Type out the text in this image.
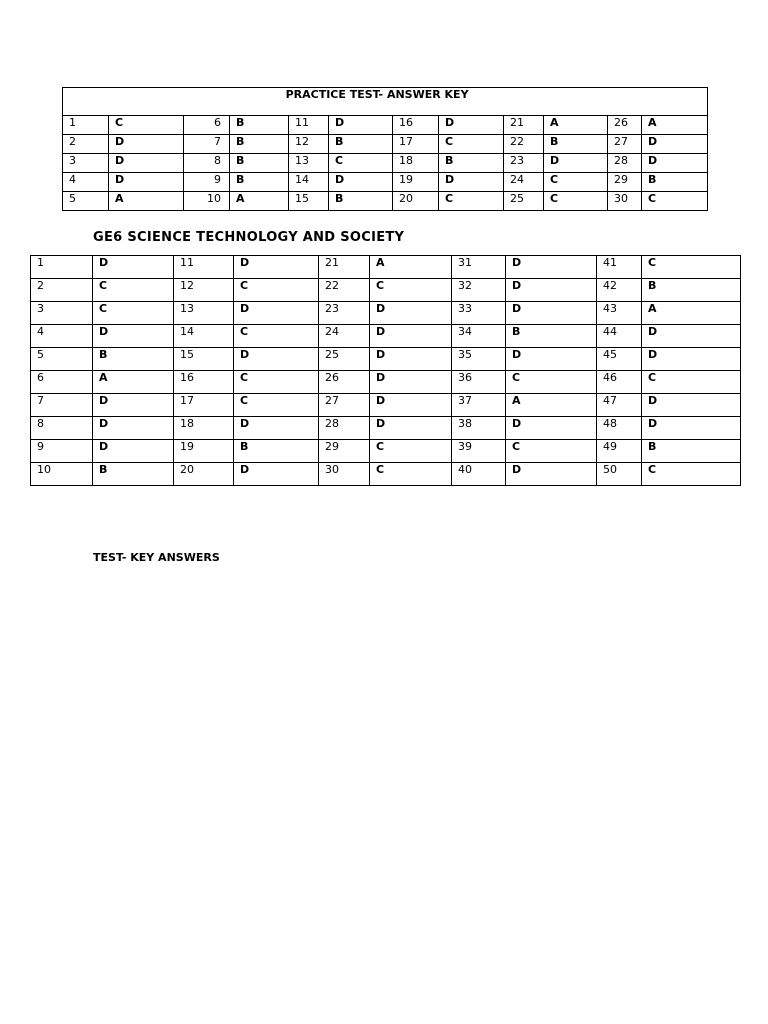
PRACTICE TEST- ANSWER KEY											
1	C	6	B	11	D	16	D	21	A	26	A
2	D	7	B	12	B	17	C	22	B	27	D
3	D	8	B	13	C	18	B	23	D	28	D
4	D	9	B	14	D	19	D	24	C	29	B
5	A	10	A	15	B	20	C	25	C	30	C
GE6 SCIENCE TECHNOLOGY AND SOCIETY
1	D	11	D	21	A	31	D	41	C
2	C	12	C	22	C	32	D	42	B
3	C	13	D	23	D	33	D	43	A
4	D	14	C	24	D	34	B	44	D
5	B	15	D	25	D	35	D	45	D
6	A	16	C	26	D	36	C	46	C
7	D	17	C	27	D	37	A	47	D
8	D	18	D	28	D	38	D	48	D
9	D	19	B	29	C	39	C	49	B
10	B	20	D	30	C	40	D	50	C
TEST- KEY ANSWERS
